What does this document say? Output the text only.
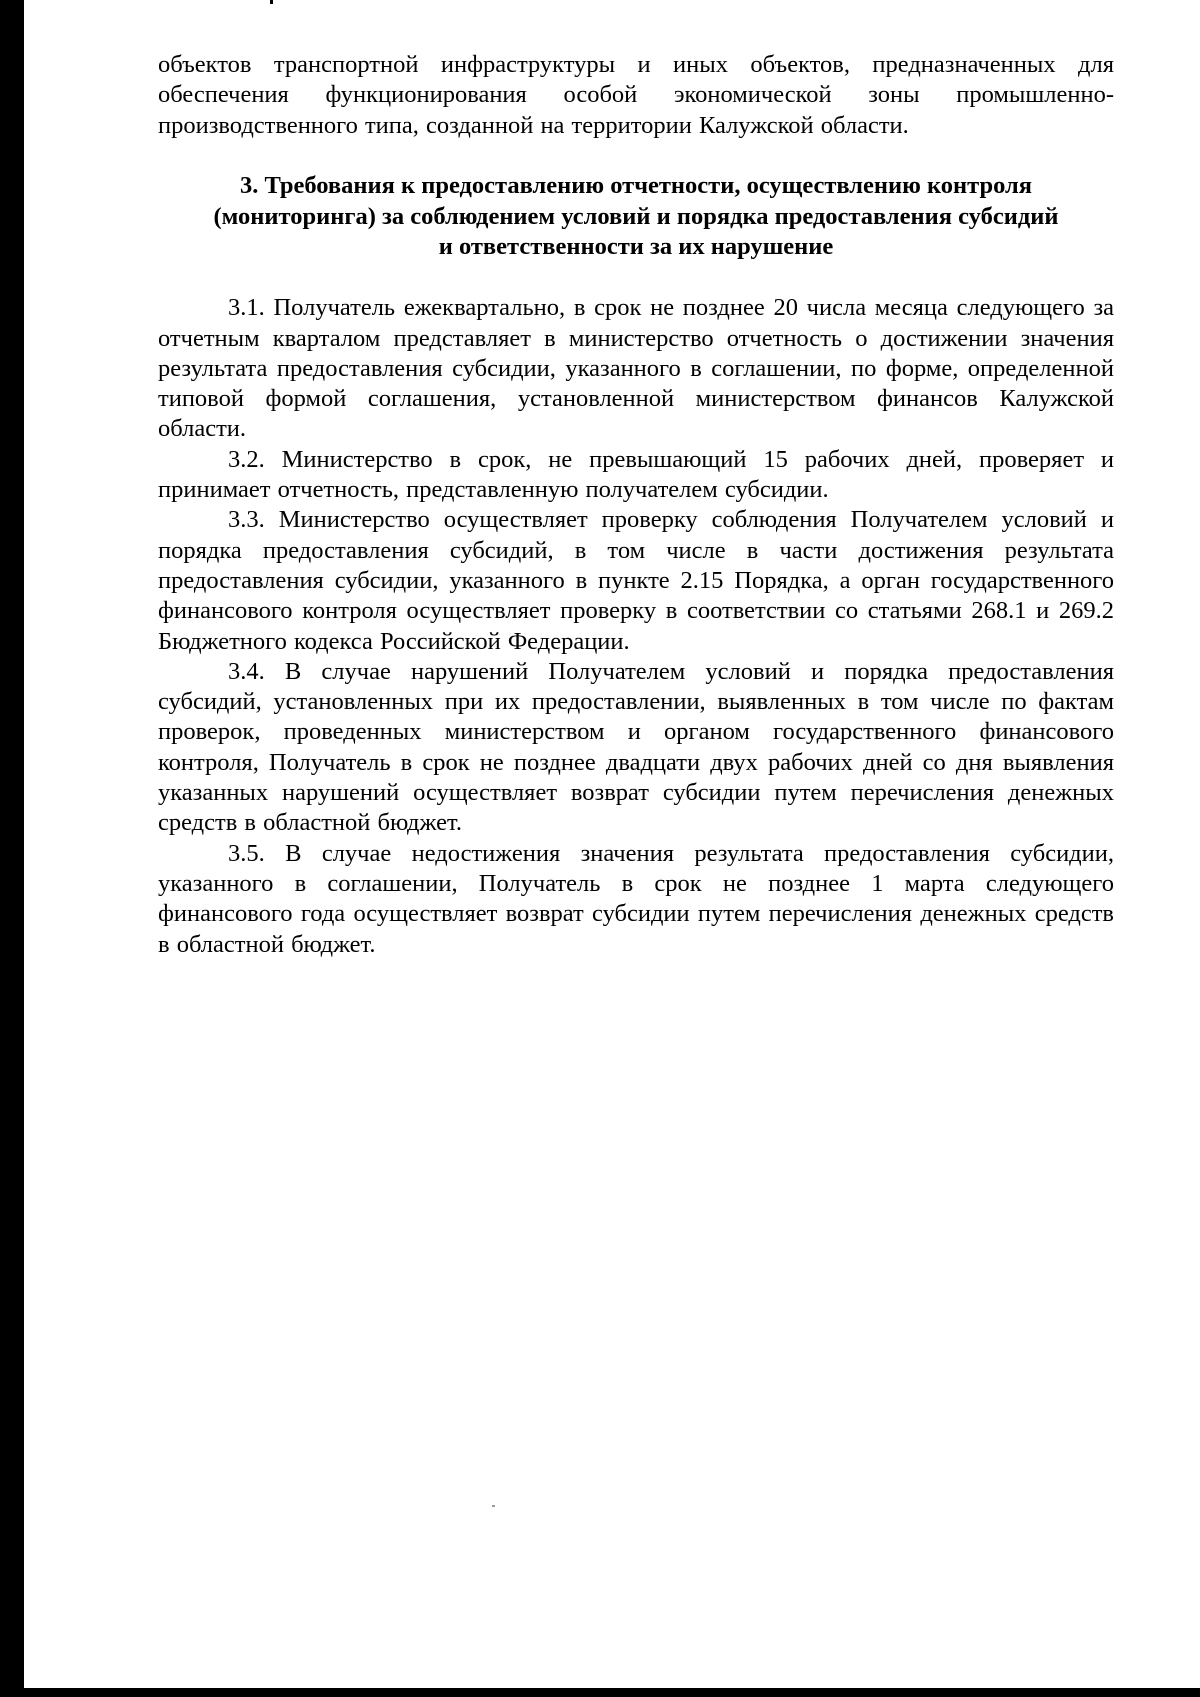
объектов транспортной инфраструктуры и иных объектов, предназначенных для обеспечения функционирования особой экономической зоны промышленно-производственного типа, созданной на территории Калужской области.

3. Требования к предоставлению отчетности, осуществлению контроля
(мониторинга) за соблюдением условий и порядка предоставления субсидий
и ответственности за их нарушение

3.1. Получатель ежеквартально, в срок не позднее 20 числа месяца следующего за отчетным кварталом представляет в министерство отчетность о достижении значения результата предоставления субсидии, указанного в соглашении, по форме, определенной типовой формой соглашения, установленной министерством финансов Калужской области.

3.2. Министерство в срок, не превышающий 15 рабочих дней, проверяет и принимает отчетность, представленную получателем субсидии.

3.3. Министерство осуществляет проверку соблюдения Получателем условий и порядка предоставления субсидий, в том числе в части достижения результата предоставления субсидии, указанного в пункте 2.15 Порядка, а орган государственного финансового контроля осуществляет проверку в соответствии со статьями 268.1 и 269.2 Бюджетного кодекса Российской Федерации.

3.4. В случае нарушений Получателем условий и порядка предоставления субсидий, установленных при их предоставлении, выявленных в том числе по фактам проверок, проведенных министерством и органом государственного финансового контроля, Получатель в срок не позднее двадцати двух рабочих дней со дня выявления указанных нарушений осуществляет возврат субсидии путем перечисления денежных средств в областной бюджет.

3.5. В случае недостижения значения результата предоставления субсидии, указанного в соглашении, Получатель в срок не позднее 1 марта следующего финансового года осуществляет возврат субсидии путем перечисления денежных средств в областной бюджет.
